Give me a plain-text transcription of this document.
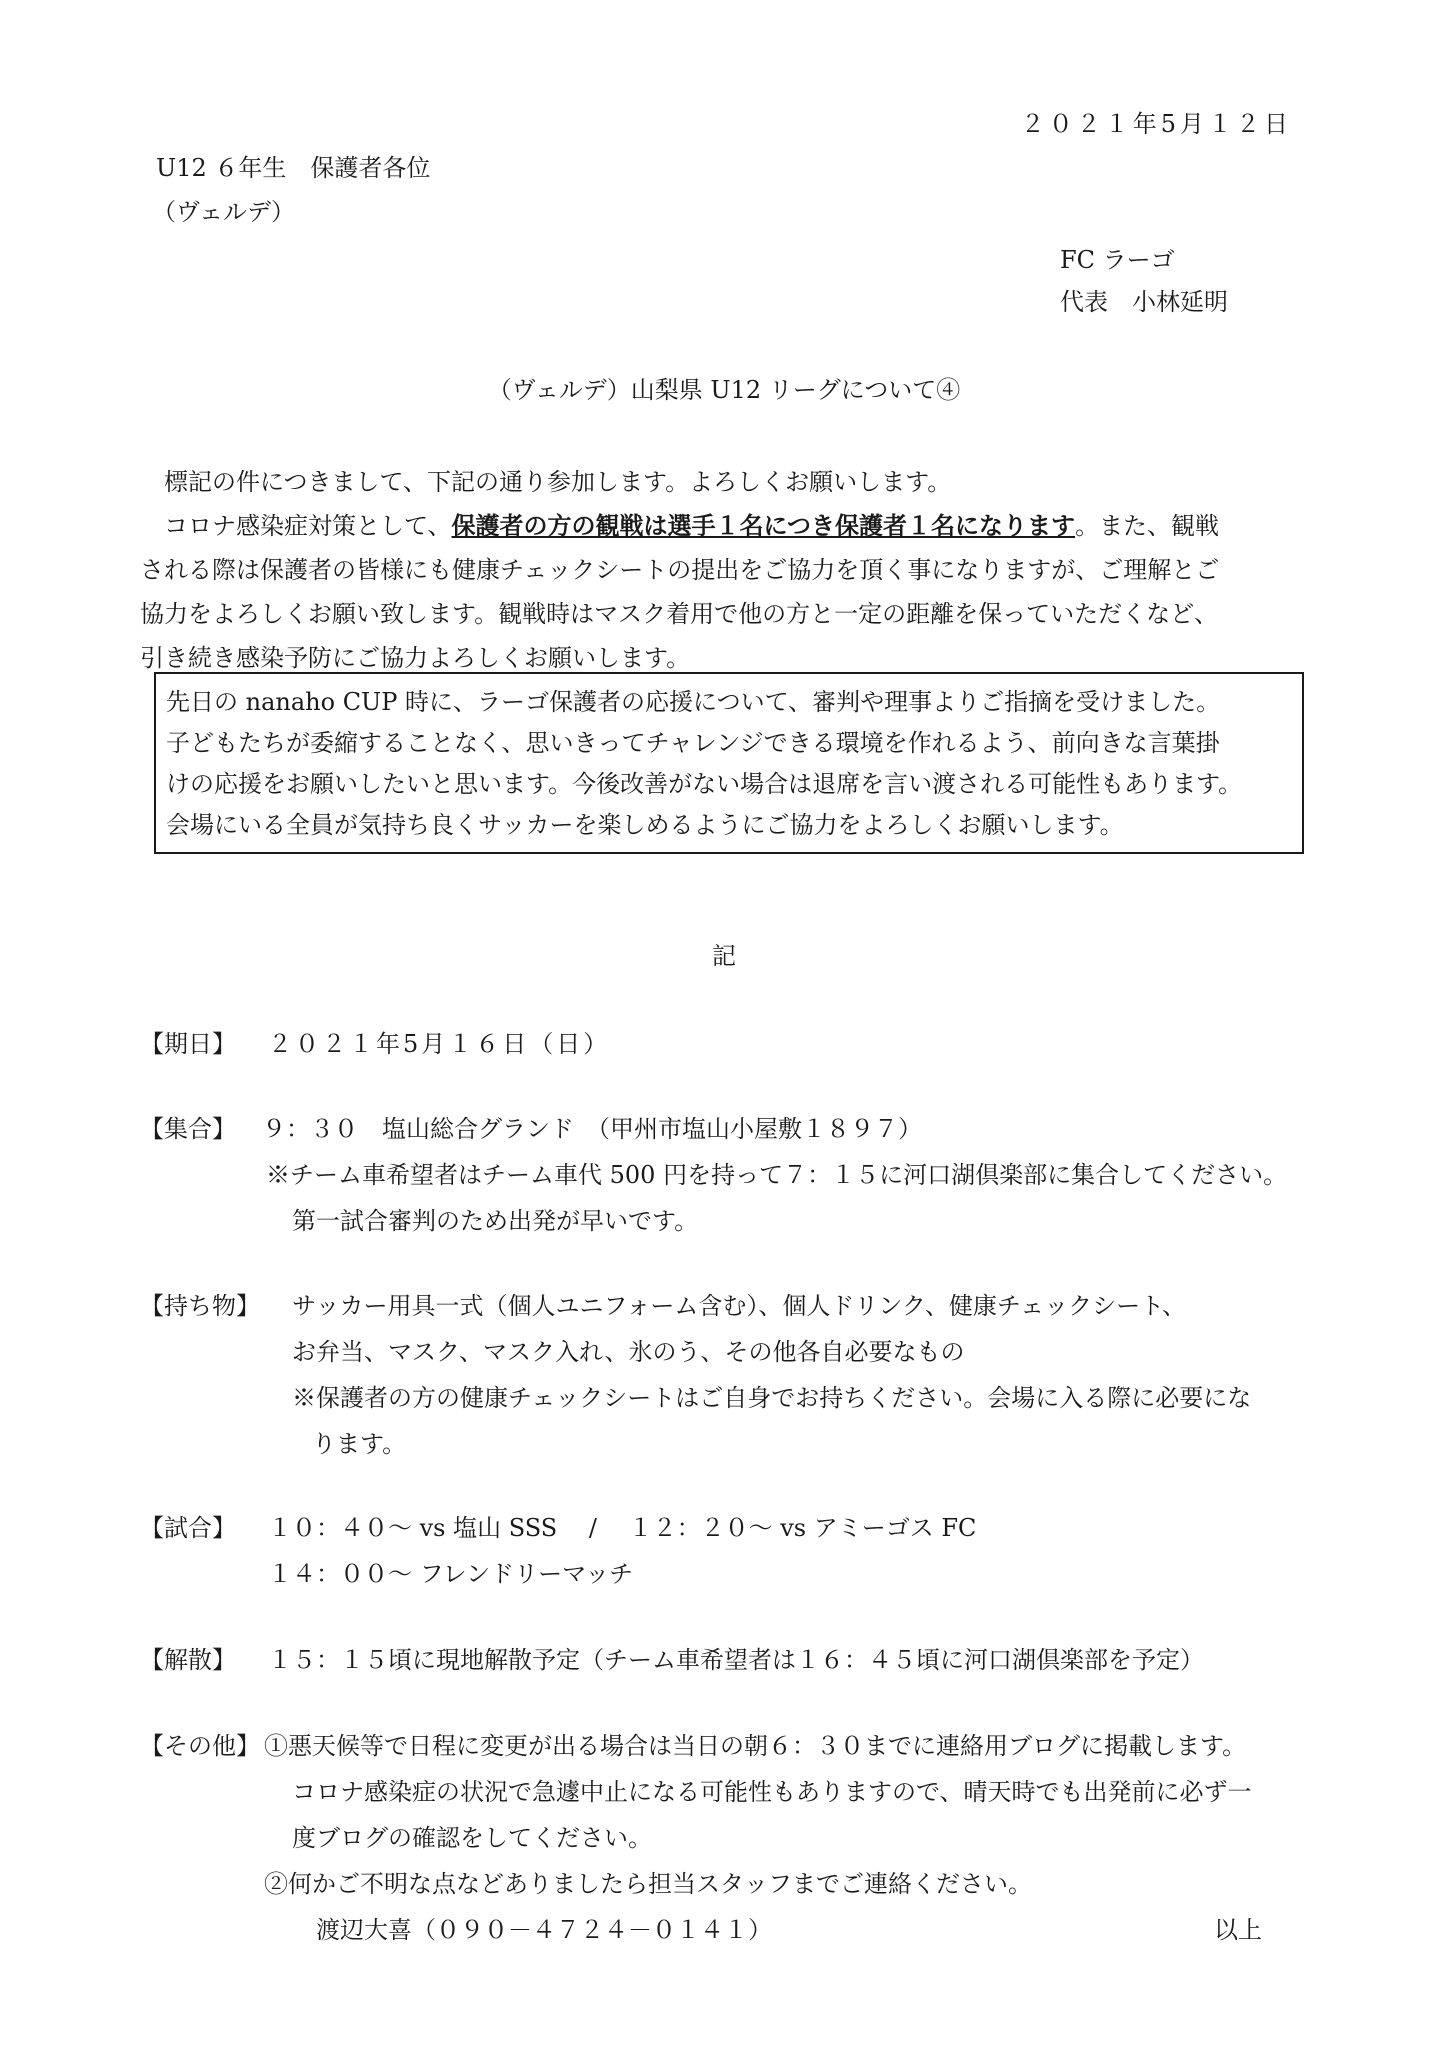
２０２１年5月１２日
U12 ６年生　保護者各位
（ヴェルデ）
FC ラーゴ
代表　小林延明
（ヴェルデ）山梨県 U12 リーグについて④

標記の件につきまして、下記の通り参加します。よろしくお願いします。

コロナ感染症対策として、保護者の方の観戦は選手１名につき保護者１名になります。また、観戦

される際は保護者の皆様にも健康チェックシートの提出をご協力を頂く事になりますが、ご理解とご

協力をよろしくお願い致します。観戦時はマスク着用で他の方と一定の距離を保っていただくなど、

引き続き感染予防にご協力よろしくお願いします。

先日の nanaho CUP 時に、ラーゴ保護者の応援について、審判や理事よりご指摘を受けました。

子どもたちが委縮することなく、思いきってチャレンジできる環境を作れるよう、前向きな言葉掛

けの応援をお願いしたいと思います。今後改善がない場合は退席を言い渡される可能性もあります。

会場にいる全員が気持ち良くサッカーを楽しめるようにご協力をよろしくお願いします。

記
【期日】 ２０２１年5月１６日（日）
【集合】 ９：３０　塩山総合グランド　（甲州市塩山小屋敷１８９７）
※チーム車希望者はチーム車代 500 円を持って７：１５に河口湖倶楽部に集合してください。
第一試合審判のため出発が早いです。
【持ち物】 サッカー用具一式（個人ユニフォーム含む）、個人ドリンク、健康チェックシート、
お弁当、マスク、マスク入れ、氷のう、その他各自必要なもの
※保護者の方の健康チェックシートはご自身でお持ちください。会場に入る際に必要にな
ります。
【試合】 １０：４０～ vs 塩山 SSS　 /　 １２：２０～ vs アミーゴス FC
１４：００～ フレンドリーマッチ
【解散】 １５：１５頃に現地解散予定（チーム車希望者は１６：４５頃に河口湖倶楽部を予定）
【その他】 ①悪天候等で日程に変更が出る場合は当日の朝６：３０までに連絡用ブログに掲載します。
コロナ感染症の状況で急遽中止になる可能性もありますので、晴天時でも出発前に必ず一
度ブログの確認をしてください。
②何かご不明な点などありましたら担当スタッフまでご連絡ください。
渡辺大喜（０９０－４７２４－０１４１）	以上
